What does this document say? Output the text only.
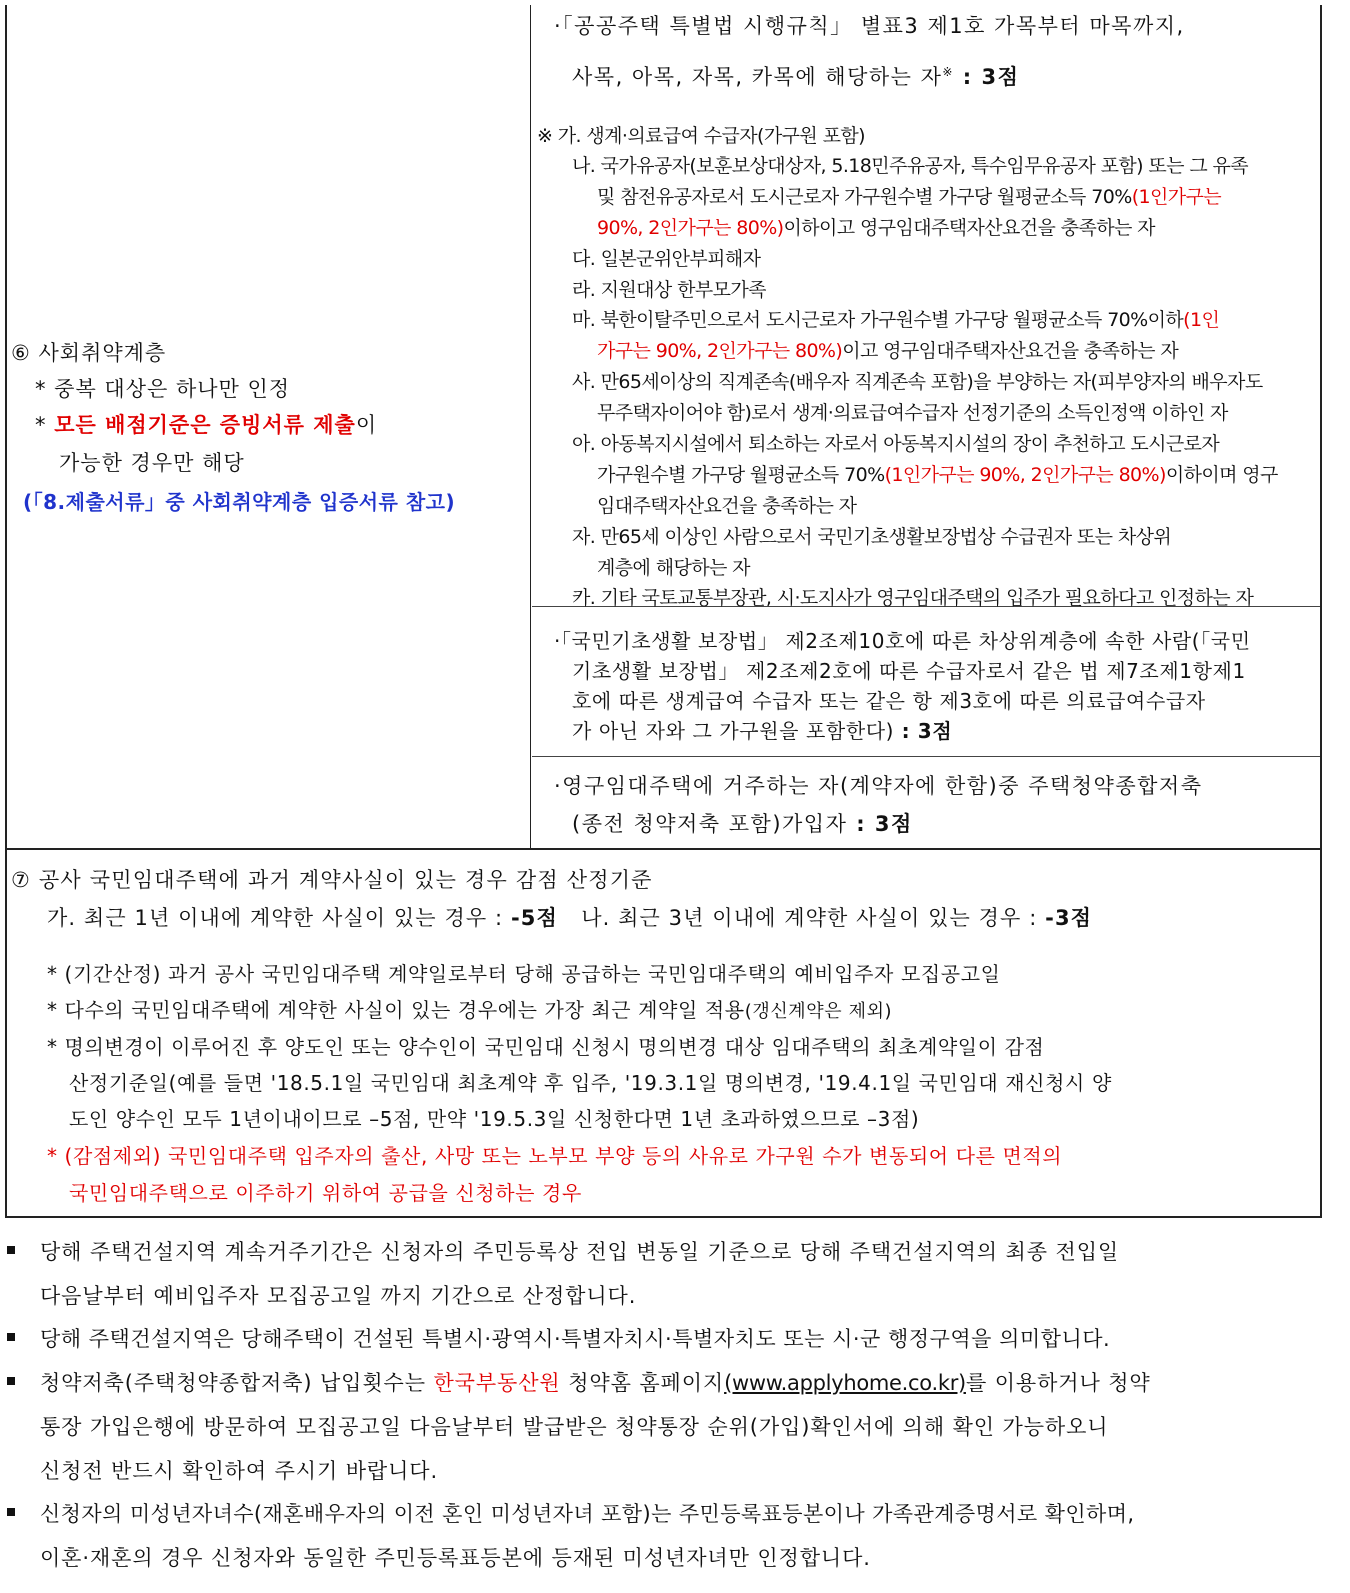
⑥ 사회취약계층
* 중복 대상은 하나만 인정
* 모든 배점기준은 증빙서류 제출이
가능한 경우만 해당
(「8.제출서류」중 사회취약계층 입증서류 참고)
·「공공주택 특별법 시행규칙」 별표3 제1호 가목부터 마목까지,
사목, 아목, 자목, 카목에 해당하는 자※ : 3점
※ 가. 생계·의료급여 수급자(가구원 포함)
나. 국가유공자(보훈보상대상자, 5.18민주유공자, 특수임무유공자 포함) 또는 그 유족
및 참전유공자로서 도시근로자 가구원수별 가구당 월평균소득 70%(1인가구는
90%, 2인가구는 80%)이하이고 영구임대주택자산요건을 충족하는 자
다. 일본군위안부피해자
라. 지원대상 한부모가족
마. 북한이탈주민으로서 도시근로자 가구원수별 가구당 월평균소득 70%이하(1인
가구는 90%, 2인가구는 80%)이고 영구임대주택자산요건을 충족하는 자
사. 만65세이상의 직계존속(배우자 직계존속 포함)을 부양하는 자(피부양자의 배우자도
무주택자이어야 함)로서 생계·의료급여수급자 선정기준의 소득인정액 이하인 자
아. 아동복지시설에서 퇴소하는 자로서 아동복지시설의 장이 추천하고 도시근로자
가구원수별 가구당 월평균소득 70%(1인가구는 90%, 2인가구는 80%)이하이며 영구
임대주택자산요건을 충족하는 자
자. 만65세 이상인 사람으로서 국민기초생활보장법상 수급권자 또는 차상위
계층에 해당하는 자
카. 기타 국토교통부장관, 시·도지사가 영구임대주택의 입주가 필요하다고 인정하는 자
·「국민기초생활 보장법」 제2조제10호에 따른 차상위계층에 속한 사람(「국민
기초생활 보장법」 제2조제2호에 따른 수급자로서 같은 법 제7조제1항제1
호에 따른 생계급여 수급자 또는 같은 항 제3호에 따른 의료급여수급자
가 아닌 자와 그 가구원을 포함한다) : 3점
·영구임대주택에 거주하는 자(계약자에 한함)중 주택청약종합저축
(종전 청약저축 포함)가입자 : 3점
⑦ 공사 국민임대주택에 과거 계약사실이 있는 경우 감점 산정기준
가. 최근 1년 이내에 계약한 사실이 있는 경우 : -5점 나. 최근 3년 이내에 계약한 사실이 있는 경우 : -3점
* (기간산정) 과거 공사 국민임대주택 계약일로부터 당해 공급하는 국민임대주택의 예비입주자 모집공고일
* 다수의 국민임대주택에 계약한 사실이 있는 경우에는 가장 최근 계약일 적용(갱신계약은 제외)
* 명의변경이 이루어진 후 양도인 또는 양수인이 국민임대 신청시 명의변경 대상 임대주택의 최초계약일이 감점
산정기준일(예를 들면 '18.5.1일 국민임대 최초계약 후 입주, '19.3.1일 명의변경, '19.4.1일 국민임대 재신청시 양
도인 양수인 모두 1년이내이므로 –5점, 만약 '19.5.3일 신청한다면 1년 초과하였으므로 –3점)
* (감점제외) 국민임대주택 입주자의 출산, 사망 또는 노부모 부양 등의 사유로 가구원 수가 변동되어 다른 면적의
국민임대주택으로 이주하기 위하여 공급을 신청하는 경우
당해 주택건설지역 계속거주기간은 신청자의 주민등록상 전입 변동일 기준으로 당해 주택건설지역의 최종 전입일
다음날부터 예비입주자 모집공고일 까지 기간으로 산정합니다.
당해 주택건설지역은 당해주택이 건설된 특별시·광역시·특별자치시·특별자치도 또는 시·군 행정구역을 의미합니다.
청약저축(주택청약종합저축) 납입횟수는 한국부동산원 청약홈 홈페이지(www.applyhome.co.kr)를 이용하거나 청약
통장 가입은행에 방문하여 모집공고일 다음날부터 발급받은 청약통장 순위(가입)확인서에 의해 확인 가능하오니
신청전 반드시 확인하여 주시기 바랍니다.
신청자의 미성년자녀수(재혼배우자의 이전 혼인 미성년자녀 포함)는 주민등록표등본이나 가족관계증명서로 확인하며,
이혼·재혼의 경우 신청자와 동일한 주민등록표등본에 등재된 미성년자녀만 인정합니다.
